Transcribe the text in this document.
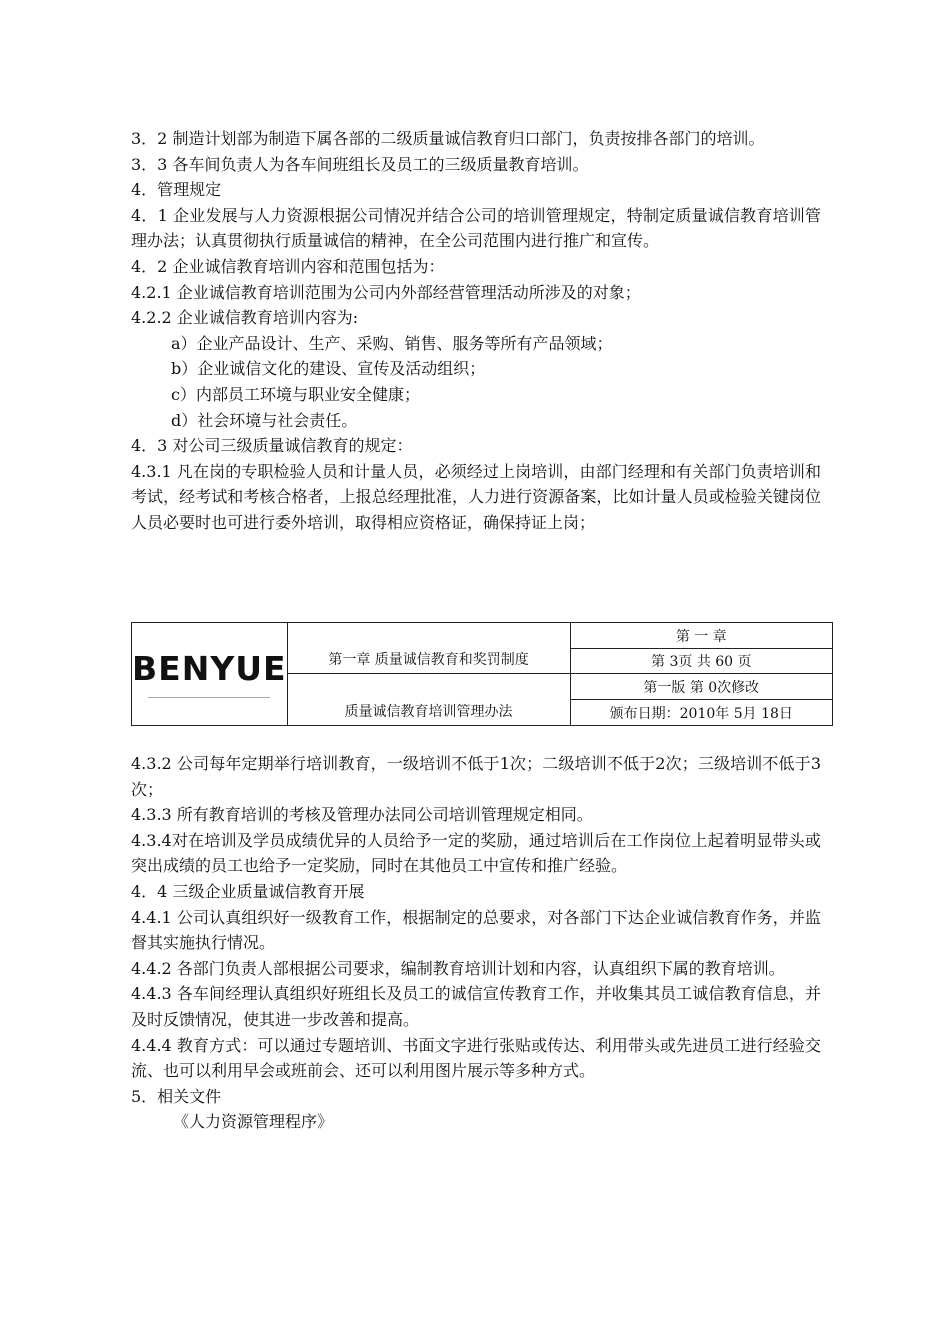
3．2 制造计划部为制造下属各部的二级质量诚信教育归口部门，负责按排各部门的培训。

3．3 各车间负责人为各车间班组长及员工的三级质量教育培训。

4．管理规定

4．1 企业发展与人力资源根据公司情况并结合公司的培训管理规定，特制定质量诚信教育培训管理办法；认真贯彻执行质量诚信的精神，在全公司范围内进行推广和宣传。

4．2 企业诚信教育培训内容和范围包括为：

4.2.1 企业诚信教育培训范围为公司内外部经营管理活动所涉及的对象；

4.2.2 企业诚信教育培训内容为:

a）企业产品设计、生产、采购、销售、服务等所有产品领域；

b）企业诚信文化的建设、宣传及活动组织；

c）内部员工环境与职业安全健康；

d）社会环境与社会责任。

4．3 对公司三级质量诚信教育的规定：

4.3.1 凡在岗的专职检验人员和计量人员，必须经过上岗培训，由部门经理和有关部门负责培训和考试，经考试和考核合格者，上报总经理批准，人力进行资源备案，比如计量人员或检验关键岗位人员必要时也可进行委外培训，取得相应资格证，确保持证上岗；

BENYUE	第一章 质量诚信教育和奖罚制度	第 一 章
		第 3页 共 60 页

	质量诚信教育培训管理办法	第一版 第 0次修改
		颁布日期：2010年 5月 18日

4.3.2 公司每年定期举行培训教育，一级培训不低于1次；二级培训不低于2次；三级培训不低于3次；

4.3.3 所有教育培训的考核及管理办法同公司培训管理规定相同。

4.3.4对在培训及学员成绩优异的人员给予一定的奖励，通过培训后在工作岗位上起着明显带头或突出成绩的员工也给予一定奖励，同时在其他员工中宣传和推广经验。

4．4 三级企业质量诚信教育开展

4.4.1 公司认真组织好一级教育工作，根据制定的总要求，对各部门下达企业诚信教育作务，并监督其实施执行情况。

4.4.2 各部门负责人部根据公司要求，编制教育培训计划和内容，认真组织下属的教育培训。

4.4.3 各车间经理认真组织好班组长及员工的诚信宣传教育工作，并收集其员工诚信教育信息，并及时反馈情况，使其进一步改善和提高。

4.4.4 教育方式：可以通过专题培训、书面文字进行张贴或传达、利用带头或先进员工进行经验交流、也可以利用早会或班前会、还可以利用图片展示等多种方式。

5．相关文件

《人力资源管理程序》
